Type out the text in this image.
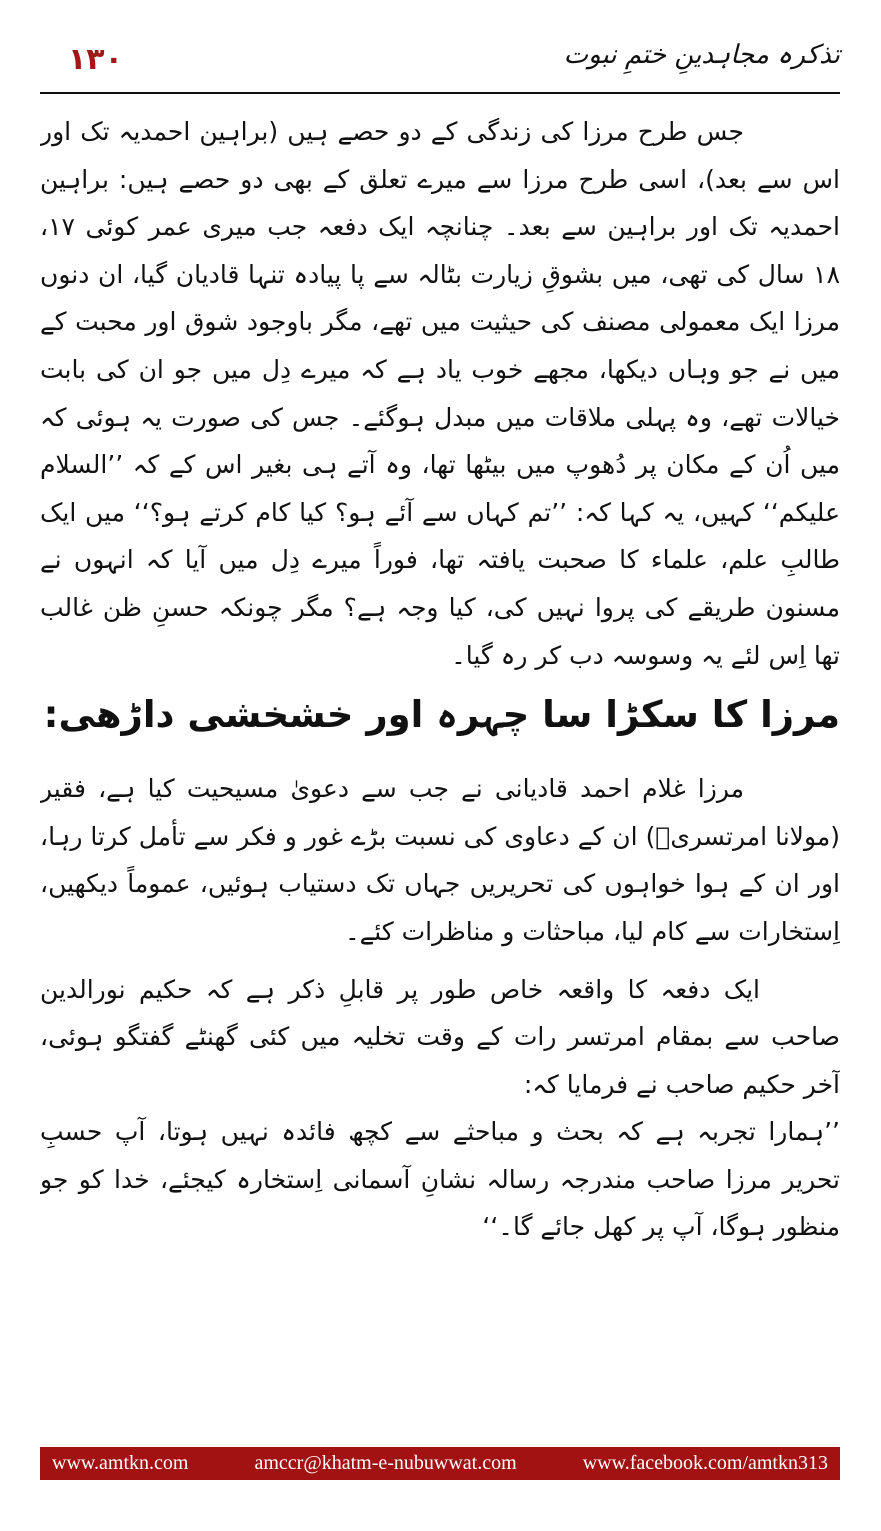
۱۳۰	تذکرہ مجاہدینِ ختمِ نبوت

جس طرح مرزا کی زندگی کے دو حصے ہیں (براہین احمدیہ تک اور اس سے بعد)، اسی طرح مرزا سے میرے تعلق کے بھی دو حصے ہیں: براہین احمدیہ تک اور براہین سے بعد۔ چنانچہ ایک دفعہ جب میری عمر کوئی ۱۷، ۱۸ سال کی تھی، میں بشوقِ زیارت بٹالہ سے پا پیادہ تنہا قادیان گیا، ان دنوں مرزا ایک معمولی مصنف کی حیثیت میں تھے، مگر باوجود شوق اور محبت کے میں نے جو وہاں دیکھا، مجھے خوب یاد ہے کہ میرے دِل میں جو ان کی بابت خیالات تھے، وہ پہلی ملاقات میں مبدل ہوگئے۔ جس کی صورت یہ ہوئی کہ میں اُن کے مکان پر دُھوپ میں بیٹھا تھا، وہ آتے ہی بغیر اس کے کہ ’’السلام علیکم‘‘ کہیں، یہ کہا کہ: ’’تم کہاں سے آئے ہو؟ کیا کام کرتے ہو؟‘‘ میں ایک طالبِ علم، علماء کا صحبت یافتہ تھا، فوراً میرے دِل میں آیا کہ انہوں نے مسنون طریقے کی پروا نہیں کی، کیا وجہ ہے؟ مگر چونکہ حسنِ ظن غالب تھا اِس لئے یہ وسوسہ دب کر رہ گیا۔

مرزا کا سکڑا سا چہرہ اور خشخشی داڑھی:

مرزا غلام احمد قادیانی نے جب سے دعویٰ مسیحیت کیا ہے، فقیر (مولانا امرتسریؒ) ان کے دعاوی کی نسبت بڑے غور و فکر سے تأمل کرتا رہا، اور ان کے ہوا خواہوں کی تحریریں جہاں تک دستیاب ہوئیں، عموماً دیکھیں، اِستخارات سے کام لیا، مباحثات و مناظرات کئے۔

ایک دفعہ کا واقعہ خاص طور پر قابلِ ذکر ہے کہ حکیم نورالدین صاحب سے بمقام امرتسر رات کے وقت تخلیہ میں کئی گھنٹے گفتگو ہوئی، آخر حکیم صاحب نے فرمایا کہ:

’’ہمارا تجربہ ہے کہ بحث و مباحثے سے کچھ فائدہ نہیں ہوتا، آپ حسبِ تحریر مرزا صاحب مندرجہ رسالہ نشانِ آسمانی اِستخارہ کیجئے، خدا کو جو منظور ہوگا، آپ پر کھل جائے گا۔‘‘

www.amtkn.com	amccr@khatm-e-nubuwwat.com	www.facebook.com/amtkn313
